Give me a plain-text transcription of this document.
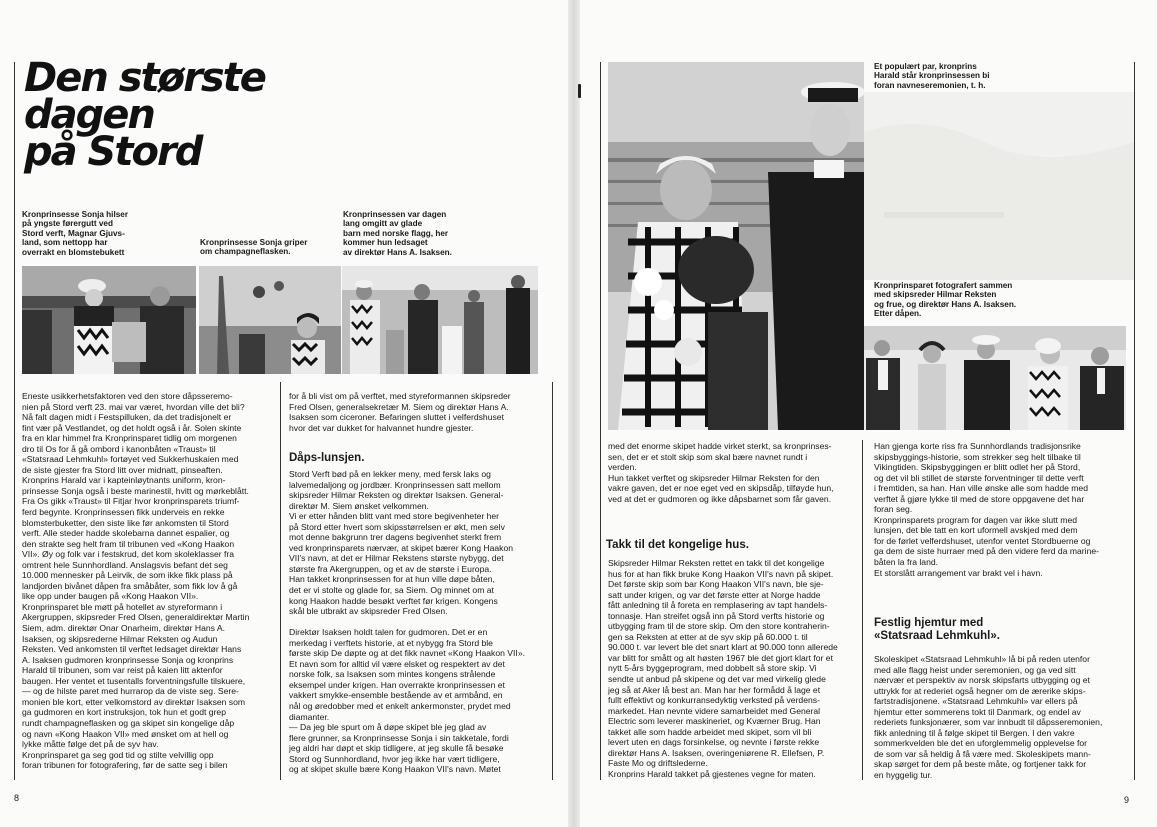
Den største
dagen
på Stord

Kronprinsesse Sonja hilser
på yngste førergutt ved
Stord verft, Magnar Gjuvs-
land, som nettopp har
overrakt en blomstebukett

Kronprinsesse Sonja griper
om champagneflasken.

Kronprinsessen var dagen
lang omgitt av glade
barn med norske flagg, her
kommer hun ledsaget
av direktør Hans A. Isaksen.

Eneste usikkerhetsfaktoren ved den store dåpsseremo-
nien på Stord verft 23. mai var været, hvordan ville det bli?
Nå falt dagen midt i Festspilluken, da det tradisjonelt er
fint vær på Vestlandet, og det holdt også i år. Solen skinte
fra en klar himmel fra Kronprinsparet tidlig om morgenen
dro til Os for å gå ombord i kanonbåten «Traust» til
«Statsraad Lehmkuhl» fortøyet ved Sukkerhuskaien med
de siste gjester fra Stord litt over midnatt, pinseaften.
Kronprins Harald var i kapteinløytnants uniform, kron-
prinsesse Sonja også i beste marinestil, hvitt og mørkeblått.
Fra Os gikk «Traust» til Fitjar hvor kronprinsparets triumf-
ferd begynte. Kronprinsessen fikk underveis en rekke
blomsterbuketter, den siste like før ankomsten til Stord
verft. Alle steder hadde skolebarna dannet espalier, og
den strakte seg helt fram til tribunen ved «Kong Haakon
VII». Øy og folk var i festskrud, det kom skoleklasser fra
omtrent hele Sunnhordland. Anslagsvis befant det seg
10.000 mennesker på Leirvik, de som ikke fikk plass på
landjorden bivånet dåpen fra småbåter, som fikk lov å gå
like opp under baugen på «Kong Haakon VII».
Kronprinsparet ble møtt på hotellet av styreformann i
Akergruppen, skipsreder Fred Olsen, generaldirektør Martin
Siem, adm. direktør Onar Onarheim, direktør Hans A.
Isaksen, og skipsrederne Hilmar Reksten og Audun
Reksten. Ved ankomsten til verftet ledsaget direktør Hans
A. Isaksen gudmoren kronprinsesse Sonja og kronprins
Harald til tribunen, som var reist på kaien litt aktenfor
baugen. Her ventet et tusentalls forventningsfulle tilskuere,
— og de hilste paret med hurrarop da de viste seg. Sere-
monien ble kort, etter velkomstord av direktør Isaksen som
ga gudmoren en kort instruksjon, tok hun et godt grep
rundt champagneflasken og ga skipet sin kongelige dåp
og navn «Kong Haakon VII» med ønsket om at hell og
lykke måtte følge det på de syv hav.
Kronprinsparet ga seg god tid og stilte velvillig opp
foran tribunen for fotografering, før de satte seg i bilen

for å bli vist om på verftet, med styreformannen skipsreder
Fred Olsen, generalsekretær M. Siem og direktør Hans A.
Isaksen som ciceroner. Befaringen sluttet i velferdshuset
hvor det var dukket for halvannet hundre gjester.

Dåps-lunsjen.

Stord Verft bød på en lekker meny, med fersk laks og
lalvemedaljong og jordbær. Kronprinsessen satt mellom
skipsreder Hilmar Reksten og direktør Isaksen. General-
direktør M. Siem ønsket velkommen.
Vi er etter hånden blitt vant med store begivenheter her
på Stord etter hvert som skipsstørrelsen er økt, men selv
mot denne bakgrunn trer dagens begivenhet sterkt frem
ved kronprinsparets nærvær, at skipet bærer Kong Haakon
VII's navn, at det er Hilmar Rekstens største nybygg, det
største fra Akergruppen, og et av de største i Europa.
Han takket kronprinsessen for at hun ville døpe båten,
det er vi stolte og glade for, sa Siem. Og minnet om at
kong Haakon hadde besøkt verftet før krigen. Kongens
skål ble utbrakt av skipsreder Fred Olsen.

Direktør Isaksen holdt talen for gudmoren. Det er en
merkedag i verftets historie, at et nybygg fra Stord ble
første skip De døpte og at det fikk navnet «Kong Haakon VII».
Et navn som for alltid vil være elsket og respektert av det
norske folk, sa Isaksen som mintes kongens strålende
eksempel under krigen. Han overrakte kronprinsessen et
vakkert smykke-ensemble bestående av et armbånd, en
nål og øredobber med et enkelt ankermonster, prydet med
diamanter.
— Da jeg ble spurt om å døpe skipet ble jeg glad av
flere grunner, sa Kronprinsesse Sonja i sin takketale, fordi
jeg aldri har døpt et skip tidligere, at jeg skulle få besøke
Stord og Sunnhordland, hvor jeg ikke har vært tidligere,
og at skipet skulle bære Kong Haakon VII's navn. Møtet

8

Et populært par, kronprins
Harald står kronprinsessen bi
foran navneseremonien, t. h.

Kronprinsparet fotografert sammen
med skipsreder Hilmar Reksten
og frue, og direktør Hans A. Isaksen.
Etter dåpen.

med det enorme skipet hadde virket sterkt, sa kronprinses-
sen, det er et stolt skip som skal bære navnet rundt i
verden.
Hun takket verftet og skipsreder Hilmar Reksten for den
vakre gaven, det er noe eget ved en skipsdåp, tilføyde hun,
ved at det er gudmoren og ikke dåpsbarnet som får gaven.

Takk til det kongelige hus.

Skipsreder Hilmar Reksten rettet en takk til det kongelige
hus for at han fikk bruke Kong Haakon VII's navn på skipet.
Det første skip som bar Kong Haakon VII's navn, ble sje-
satt under krigen, og var det første etter at Norge hadde
fått anledning til å foreta en remplasering av tapt handels-
tonnasje. Han streifet også inn på Stord verfts historie og
utbygging fram til de store skip. Om den store kontraherin-
gen sa Reksten at etter at de syv skip på 60.000 t. til
90.000 t. var levert ble det snart klart at 90.000 tonn allerede
var blitt for smått og alt høsten 1967 ble det gjort klart for et
nytt 5-års byggeprogram, med dobbelt så store skip. Vi
sendte ut anbud på skipene og det var med virkelig glede
jeg så at Aker lå best an. Man har her formådd å lage et
fullt effektivt og konkurransedyktig verksted på verdens-
markedet. Han nevnte videre samarbeidet med General
Electric som leverer maskineriet, og Kværner Brug. Han
takket alle som hadde arbeidet med skipet, som vil bli
levert uten en dags forsinkelse, og nevnte i første rekke
direktør Hans A. Isaksen, overingeniørene R. Ellefsen, P.
Faste Mo og driftslederne.
Kronprins Harald takket på gjestenes vegne for maten.

Han gjenga korte riss fra Sunnhordlands tradisjonsrike
skipsbyggings-historie, som strekker seg helt tilbake til
Vikingtiden. Skipsbyggingen er blitt odlet her på Stord,
og det vil bli stillet de største forventninger til dette verft
i fremtiden, sa han. Han ville ønske alle som hadde med
verftet å gjøre lykke til med de store oppgavene det har
foran seg.
Kronprinsparets program for dagen var ikke slutt med
lunsjen, det ble tatt en kort uformell avskjed med dem
for de førlet velferdshuset, utenfor ventet Stordbuerne og
ga dem de siste hurraer med på den videre ferd da marine-
båten la fra land.
Et storslått arrangement var brakt vel i havn.

Festlig hjemtur med
«Statsraad Lehmkuhl».

Skoleskipet «Statsraad Lehmkuhl» lå bi på reden utenfor
med alle flagg heist under seremonien, og ga ved sitt
nærvær et perspektiv av norsk skipsfarts utbygging og et
uttrykk for at rederiet også hegner om de ærerike skips-
fartstradisjonene. «Statsraad Lehmkuhl» var ellers på
hjemtur etter sommerens tokt til Danmark, og endel av
rederiets funksjonærer, som var innbudt til dåpsseremonien,
fikk anledning til å følge skipet til Bergen. I den vakre
sommerkvelden ble det en uforglemmelig opplevelse for
de som var så heldig å få være med. Skoleskipets mann-
skap sørget for dem på beste måte, og fortjener takk for
en hyggelig tur.

9
